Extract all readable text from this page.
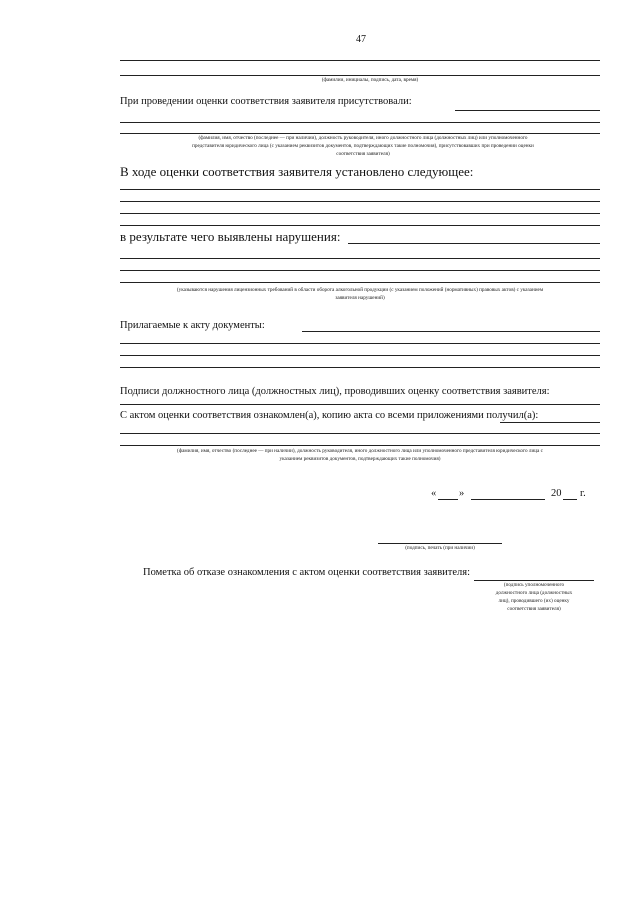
47
(фамилии, инициалы, подпись, дата, время)
При проведении оценки соответствия заявителя присутствовали:
(фамилия, имя, отчество (последнее — при наличии), должность руководителя, иного должностного лица (должностных лиц) или уполномоченного
представителя юридического лица (с указанием реквизитов документов, подтверждающих такие полномочия), присутствовавших при проведении оценки
соответствия заявителя)
В ходе оценки соответствия заявителя установлено следующее:
в результате чего выявлены нарушения:
(указываются нарушения лицензионных требований в области оборота алкогольной продукции (с указанием положений (нормативных) правовых актов) с указанием
заявителя нарушений)
Прилагаемые к акту документы:
Подписи должностного лица (должностных лиц), проводивших оценку соответствия заявителя:
С актом оценки соответствия ознакомлен(а), копию акта со всеми приложениями получил(а):
(фамилия, имя, отчество (последнее — при наличии), должность руководителя, иного должностного лица или уполномоченного представителя юридического лица с
указанием реквизитов документов, подтверждающих такие полномочия)
« »	20 г.
(подпись, печать (при наличии)
Пометка об отказе ознакомления с актом оценки соответствия заявителя:
(подпись уполномоченного
должностного лица (должностных
лиц), проводившего (их) оценку
соответствия заявителя)
